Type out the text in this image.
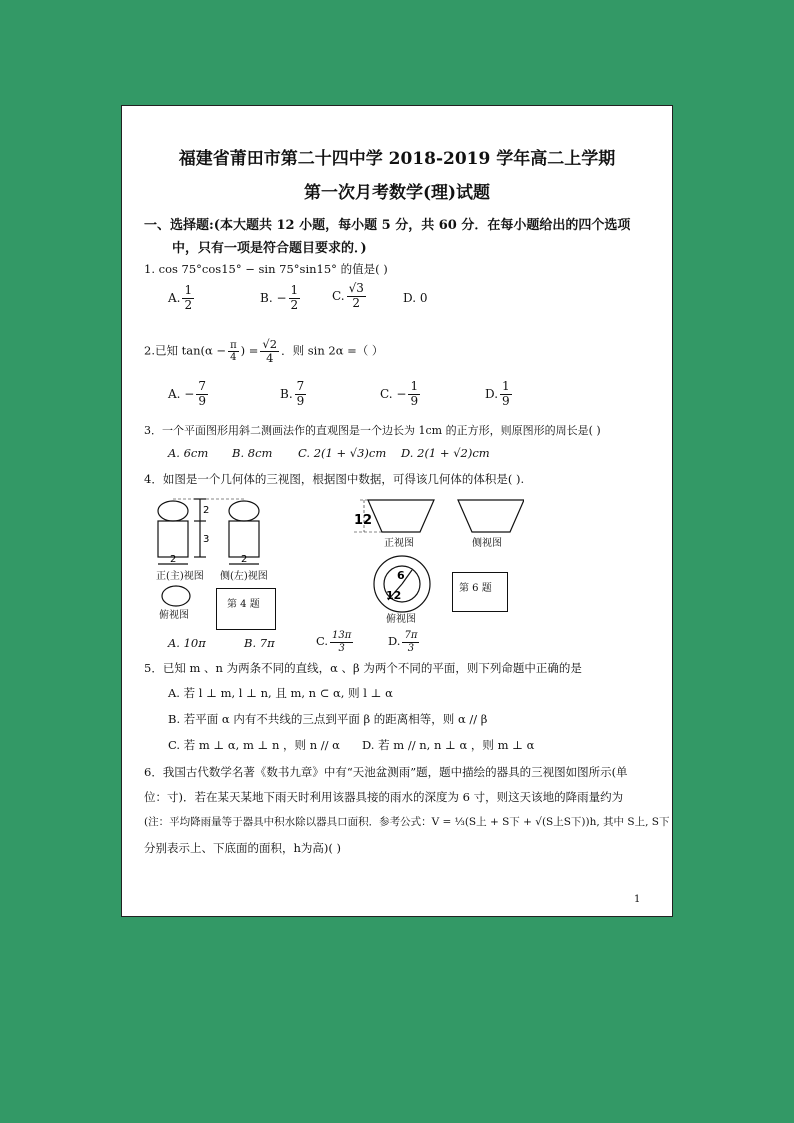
福建省莆田市第二十四中学 2018-2019 学年高二上学期
第一次月考数学(理)试题
一、选择题:(本大题共 12 小题，每小题 5 分，共 60 分．在每小题给出的四个选项
中，只有一项是符合题目要求的．)
1. cos 75°cos15° − sin 75°sin15° 的值是( )
A. $\frac{1}{2}$	B. − $\frac{1}{2}$	C. $\frac{√3}{2}$	D. 0
2.已知 $\tan(\alpha - \frac{\pi}{4}$ ) = $\frac{√2}{4}$ ．则 sin 2α =（ ）
A. − $\frac{7}{9}$	B. $\frac{7}{9}$	C. − $\frac{1}{9}$	D. $\frac{1}{9}$
3．一个平面图形用斜二测画法作的直观图是一个边长为 1cm 的正方形，则原图形的周长是( )
A. 6cm B. 8cm C. 2(1 + √3)cm D. 2(1 + √2)cm
4．如图是一个几何体的三视图，根据图中数据，可得该几何体的体积是( ).
2
3
2	2
正(主)视图 侧(左)视图
俯视图
第 4 题
12
6
12
正视图	侧视图
俯视图
第 6 题
A. 10π	B. 7π	C. $\frac{13\pi}{3}$	D. $\frac{7\pi}{3}$
5．已知 m 、n 为两条不同的直线，α 、β 为两个不同的平面，则下列命题中正确的是
A. 若 l ⊥ m, l ⊥ n, 且 m, n ⊂ α, 则 l ⊥ α
B. 若平面 α 内有不共线的三点到平面 β 的距离相等，则 α // β
C. 若 m ⊥ α, m ⊥ n ，则 n // α D. 若 m // n, n ⊥ α ，则 m ⊥ α
6．我国古代数学名著《数书九章》中有“天池盆测雨”题，题中描绘的器具的三视图如图所示(单
位：寸)．若在某天某地下雨天时利用该器具接的雨水的深度为 6 寸，则这天该地的降雨量约为
(注：平均降雨量等于器具中积水除以器具口面积．参考公式：V = ⅓(S上 + S下 + √(S上S下))h, 其中 S上, S下
分别表示上、下底面的面积，h为高)( )
1
